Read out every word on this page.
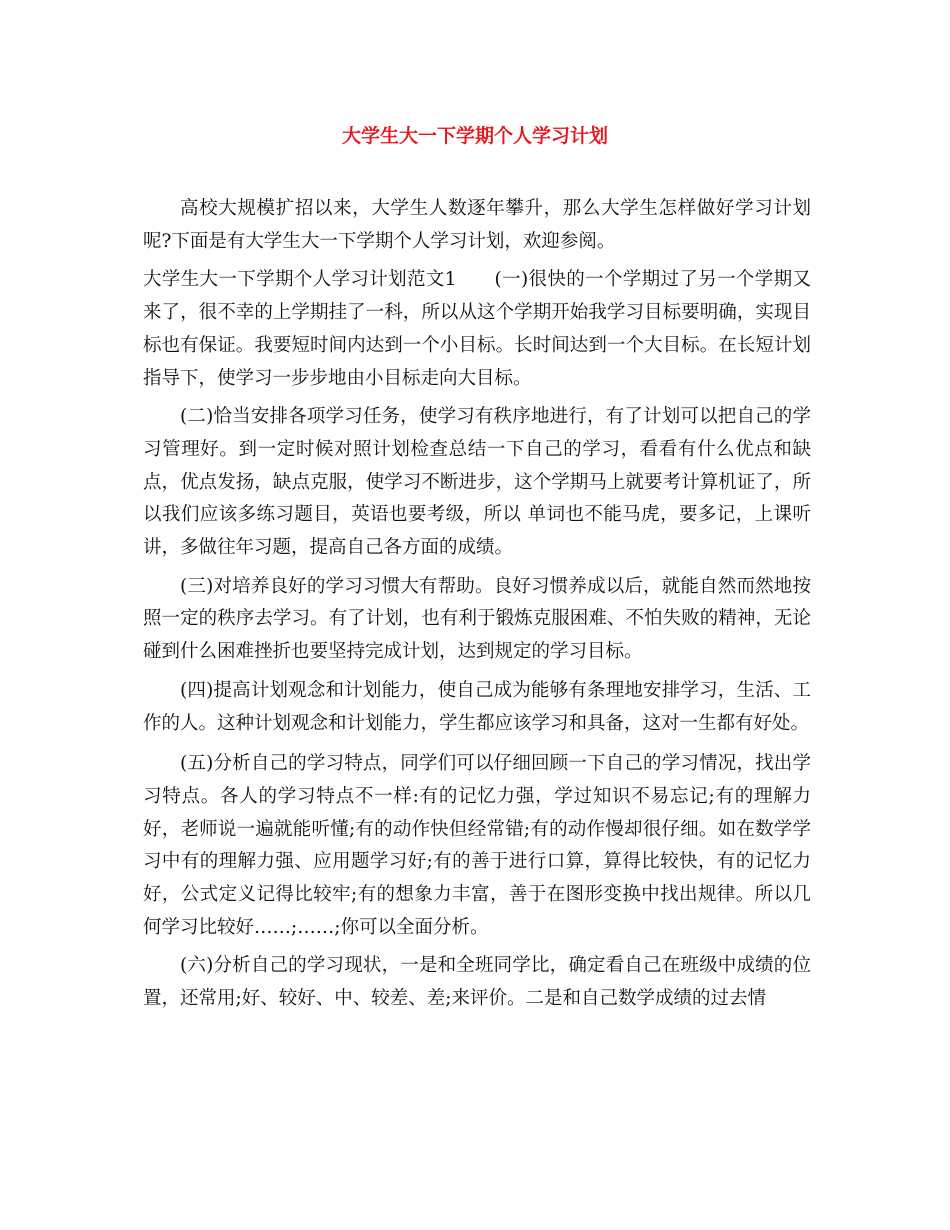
大学生大一下学期个人学习计划

高校大规模扩招以来，大学生人数逐年攀升，那么大学生怎样做好学习计划呢?下面是有大学生大一下学期个人学习计划，欢迎参阅。

大学生大一下学期个人学习计划范文1　　(一)很快的一个学期过了另一个学期又来了，很不幸的上学期挂了一科，所以从这个学期开始我学习目标要明确，实现目标也有保证。我要短时间内达到一个小目标。长时间达到一个大目标。在长短计划指导下，使学习一步步地由小目标走向大目标。

(二)恰当安排各项学习任务，使学习有秩序地进行，有了计划可以把自己的学习管理好。到一定时候对照计划检查总结一下自己的学习，看看有什么优点和缺点，优点发扬，缺点克服，使学习不断进步，这个学期马上就要考计算机证了，所以我们应该多练习题目，英语也要考级，所以 单词也不能马虎，要多记，上课听讲，多做往年习题，提高自己各方面的成绩。

(三)对培养良好的学习习惯大有帮助。良好习惯养成以后，就能自然而然地按照一定的秩序去学习。有了计划，也有利于锻炼克服困难、不怕失败的精神，无论碰到什么困难挫折也要坚持完成计划，达到规定的学习目标。

(四)提高计划观念和计划能力，使自己成为能够有条理地安排学习，生活、工作的人。这种计划观念和计划能力，学生都应该学习和具备，这对一生都有好处。

(五)分析自己的学习特点，同学们可以仔细回顾一下自己的学习情况，找出学习特点。各人的学习特点不一样:有的记忆力强，学过知识不易忘记;有的理解力好，老师说一遍就能听懂;有的动作快但经常错;有的动作慢却很仔细。如在数学学习中有的理解力强、应用题学习好;有的善于进行口算，算得比较快，有的记忆力好，公式定义记得比较牢;有的想象力丰富，善于在图形变换中找出规律。所以几何学习比较好……;……;你可以全面分析。

(六)分析自己的学习现状，一是和全班同学比，确定看自己在班级中成绩的位置，还常用;好、较好、中、较差、差;来评价。二是和自己数学成绩的过去情
